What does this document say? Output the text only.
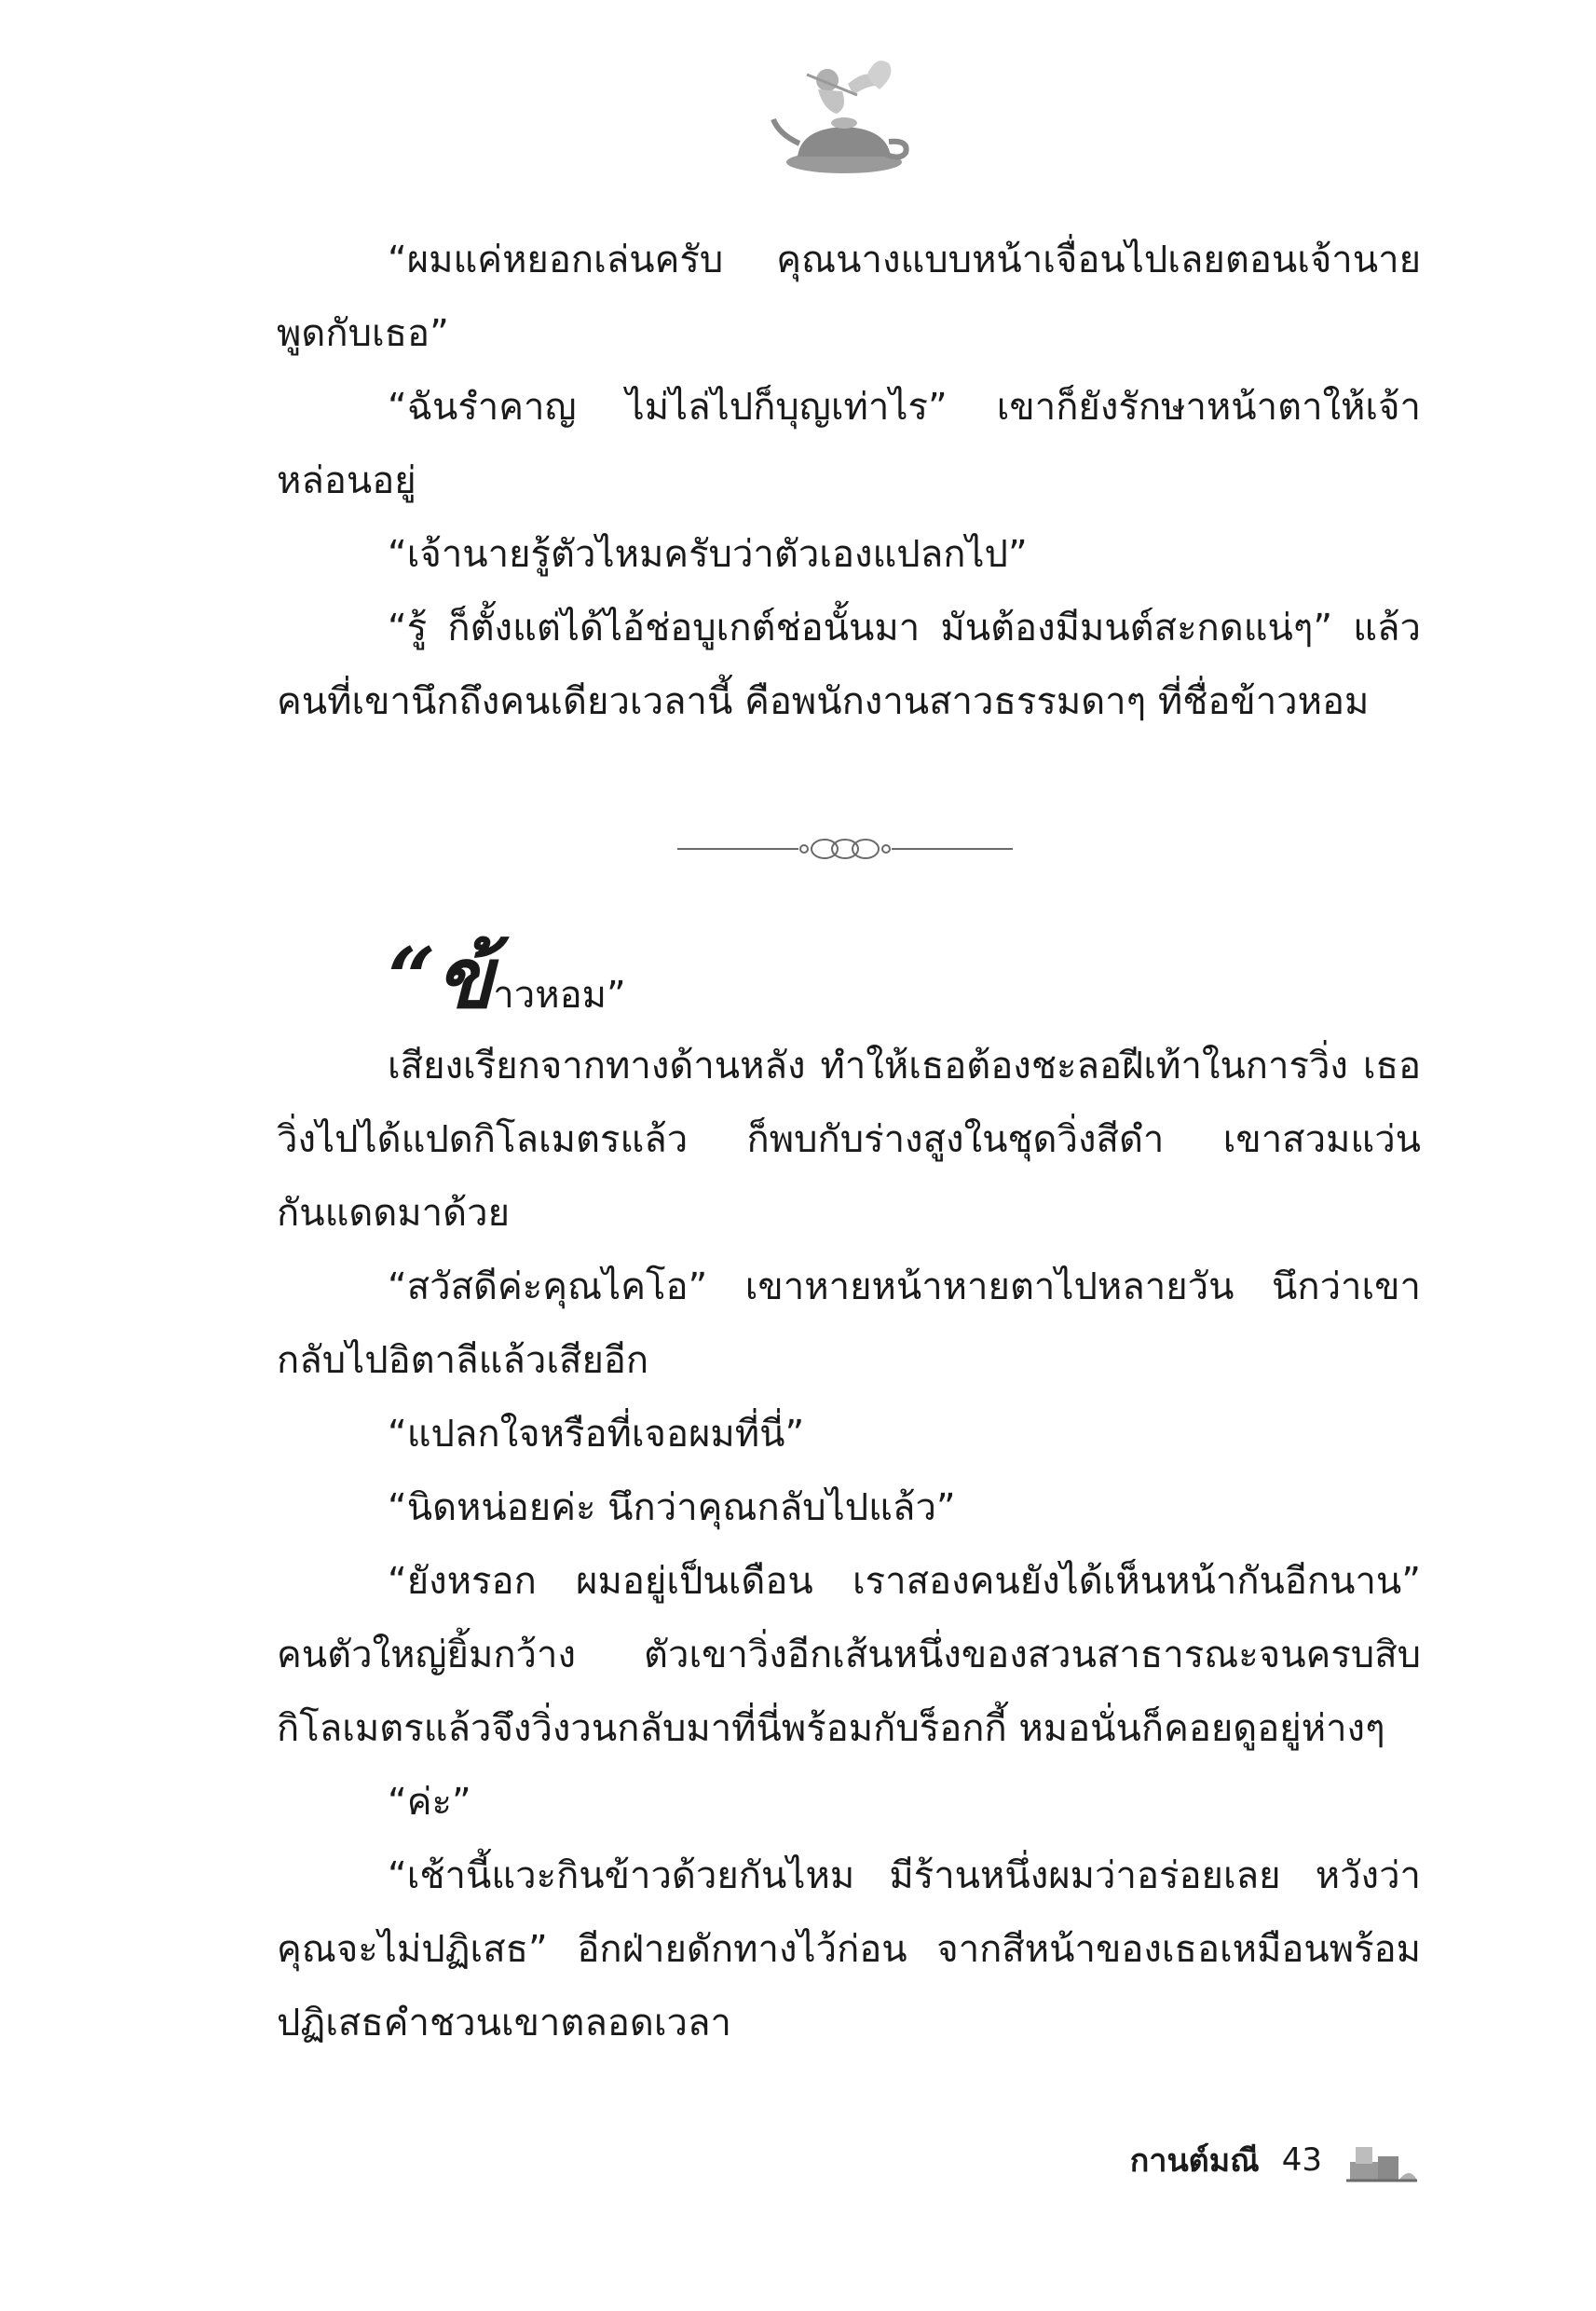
“ผมแค่หยอกเล่นครับ คุณนางแบบหน้าเจื่อนไปเลยตอนเจ้านายพูดกับเธอ”

“ฉันรำคาญ ไม่ไล่ไปก็บุญเท่าไร” เขาก็ยังรักษาหน้าตาให้เจ้าหล่อนอยู่

“เจ้านายรู้ตัวไหมครับว่าตัวเองแปลกไป”

“รู้ ก็ตั้งแต่ได้ไอ้ช่อบูเกต์ช่อนั้นมา มันต้องมีมนต์สะกดแน่ๆ” แล้วคนที่เขานึกถึงคนเดียวเวลานี้ คือพนักงานสาวธรรมดาๆ ที่ชื่อข้าวหอม

“ข้าวหอม”

เสียงเรียกจากทางด้านหลัง ทำให้เธอต้องชะลอฝีเท้าในการวิ่ง เธอวิ่งไปได้แปดกิโลเมตรแล้ว ก็พบกับร่างสูงในชุดวิ่งสีดำ เขาสวมแว่นกันแดดมาด้วย

“สวัสดีค่ะคุณไคโอ” เขาหายหน้าหายตาไปหลายวัน นึกว่าเขากลับไปอิตาลีแล้วเสียอีก

“แปลกใจหรือที่เจอผมที่นี่”

“นิดหน่อยค่ะ นึกว่าคุณกลับไปแล้ว”

“ยังหรอก ผมอยู่เป็นเดือน เราสองคนยังได้เห็นหน้ากันอีกนาน” คนตัวใหญ่ยิ้มกว้าง ตัวเขาวิ่งอีกเส้นหนึ่งของสวนสาธารณะจนครบสิบกิโลเมตรแล้วจึงวิ่งวนกลับมาที่นี่พร้อมกับร็อกกี้ หมอนั่นก็คอยดูอยู่ห่างๆ

“ค่ะ”

“เช้านี้แวะกินข้าวด้วยกันไหม มีร้านหนึ่งผมว่าอร่อยเลย หวังว่าคุณจะไม่ปฏิเสธ” อีกฝ่ายดักทางไว้ก่อน จากสีหน้าของเธอเหมือนพร้อมปฏิเสธคำชวนเขาตลอดเวลา

กานต์มณี 43
